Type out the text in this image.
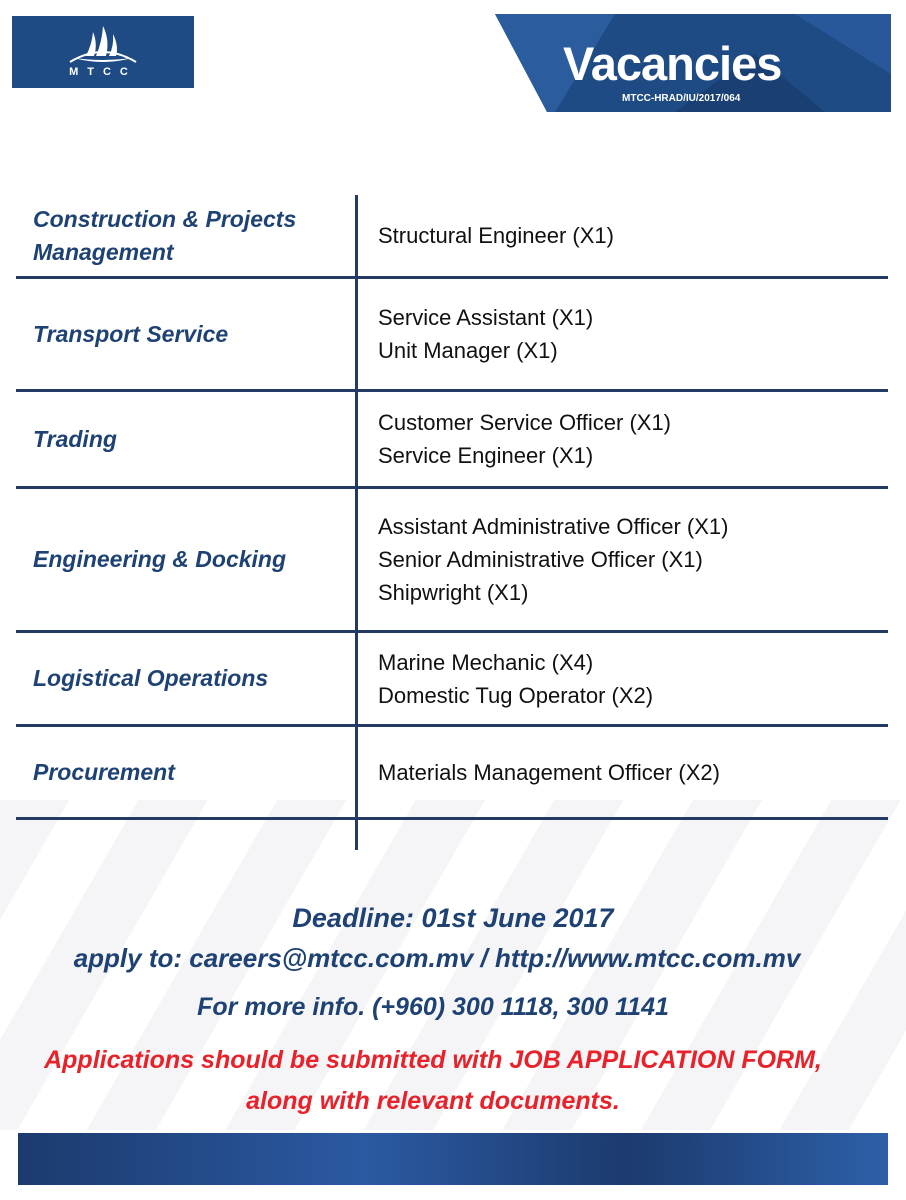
MTCC	Vacancies
MTCC-HRAD/IU/2017/064
Construction & Projects Management
Structural Engineer (X1)
Transport Service
Service Assistant (X1)
Unit Manager (X1)
Trading
Customer Service Officer (X1)
Service Engineer (X1)
Engineering & Docking
Assistant Administrative Officer (X1)
Senior Administrative Officer (X1)
Shipwright (X1)
Logistical Operations
Marine Mechanic (X4)
Domestic Tug Operator (X2)
Procurement	Materials Management Officer (X2)
Deadline: 01st June 2017
apply to: careers@mtcc.com.mv / http://www.mtcc.com.mv
For more info. (+960) 300 1118, 300 1141
Applications should be submitted with JOB APPLICATION FORM,
along with relevant documents.
